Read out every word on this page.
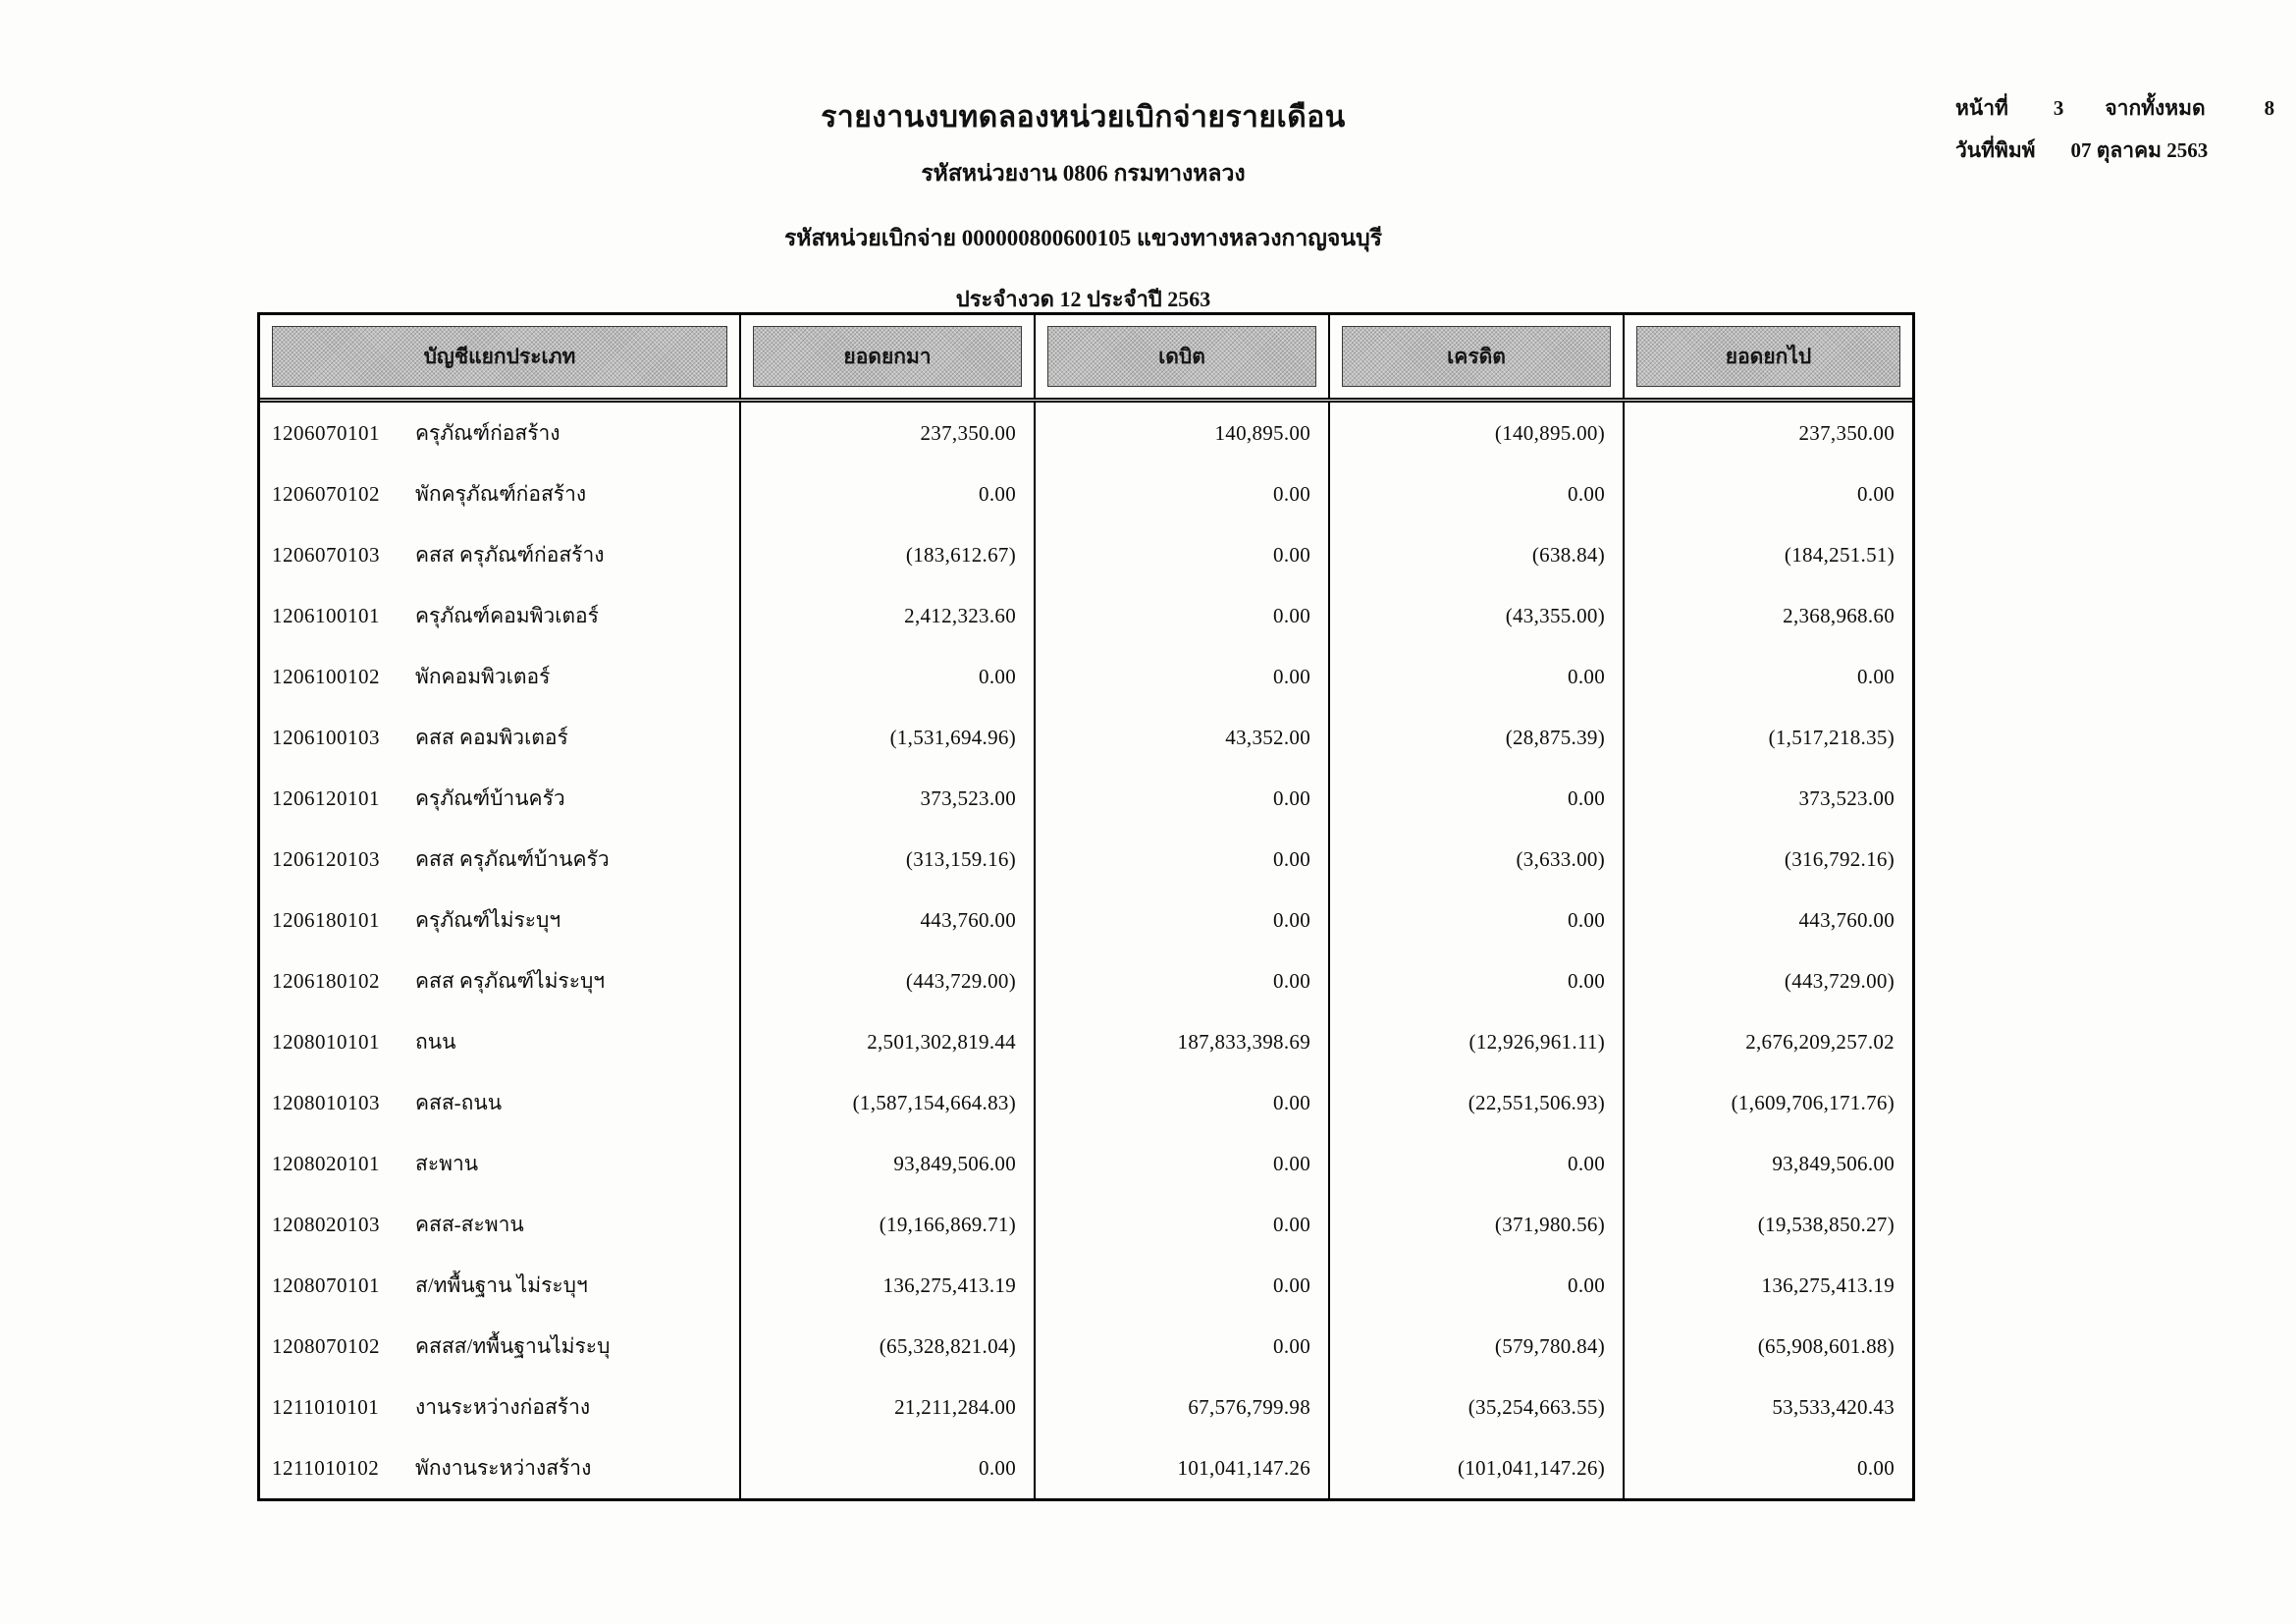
รายงานงบทดลองหน่วยเบิกจ่ายรายเดือน
รหัสหน่วยงาน 0806 กรมทางหลวง
รหัสหน่วยเบิกจ่าย 000000800600105 แขวงทางหลวงกาญจนบุรี
ประจำงวด 12 ประจำปี 2563
หน้าที่ 3 จากทั้งหมด	8
วันที่พิมพ์ 07 ตุลาคม 2563
บัญชีแยกประเภท	ยอดยกมา	เดบิต	เครดิต	ยอดยกไป
1206070101	ครุภัณฑ์ก่อสร้าง	237,350.00	140,895.00	(140,895.00)	237,350.00
1206070102	พักครุภัณฑ์ก่อสร้าง	0.00	0.00	0.00	0.00
1206070103	คสส ครุภัณฑ์ก่อสร้าง	(183,612.67)	0.00	(638.84)	(184,251.51)
1206100101	ครุภัณฑ์คอมพิวเตอร์	2,412,323.60	0.00	(43,355.00)	2,368,968.60
1206100102	พักคอมพิวเตอร์	0.00	0.00	0.00	0.00
1206100103	คสส คอมพิวเตอร์	(1,531,694.96)	43,352.00	(28,875.39)	(1,517,218.35)
1206120101	ครุภัณฑ์บ้านครัว	373,523.00	0.00	0.00	373,523.00
1206120103	คสส ครุภัณฑ์บ้านครัว	(313,159.16)	0.00	(3,633.00)	(316,792.16)
1206180101	ครุภัณฑ์ไม่ระบุฯ	443,760.00	0.00	0.00	443,760.00
1206180102	คสส ครุภัณฑ์ไม่ระบุฯ	(443,729.00)	0.00	0.00	(443,729.00)
1208010101	ถนน	2,501,302,819.44	187,833,398.69	(12,926,961.11)	2,676,209,257.02
1208010103	คสส-ถนน	(1,587,154,664.83)	0.00	(22,551,506.93)	(1,609,706,171.76)
1208020101	สะพาน	93,849,506.00	0.00	0.00	93,849,506.00
1208020103	คสส-สะพาน	(19,166,869.71)	0.00	(371,980.56)	(19,538,850.27)
1208070101	ส/ทพื้นฐาน ไม่ระบุฯ	136,275,413.19	0.00	0.00	136,275,413.19
1208070102	คสสส/ทพื้นฐานไม่ระบุ	(65,328,821.04)	0.00	(579,780.84)	(65,908,601.88)
1211010101	งานระหว่างก่อสร้าง	21,211,284.00	67,576,799.98	(35,254,663.55)	53,533,420.43
1211010102	พักงานระหว่างสร้าง	0.00	101,041,147.26	(101,041,147.26)	0.00
